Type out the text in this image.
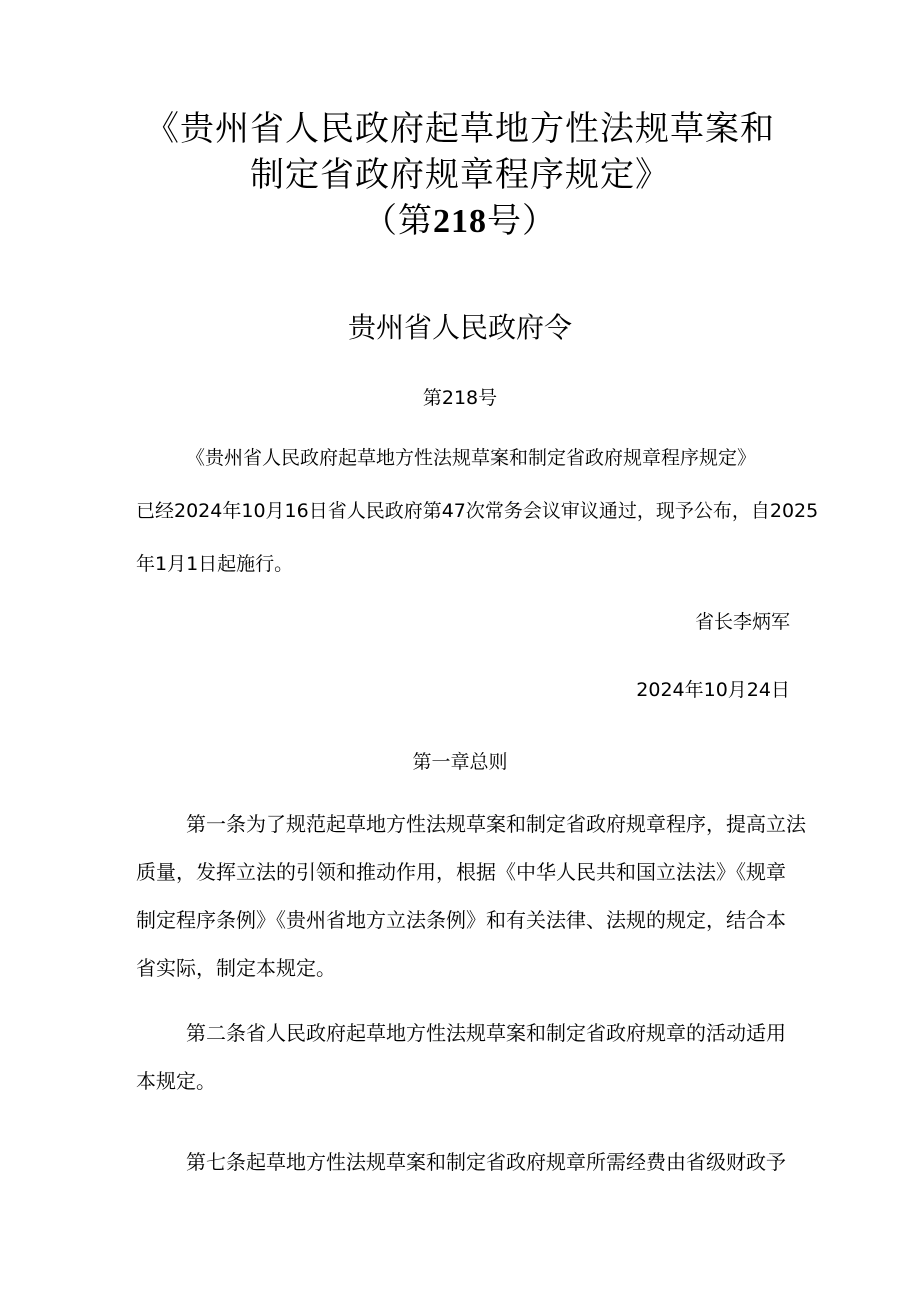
《贵州省人民政府起草地方性法规草案和
制定省政府规章程序规定》
（第218号）
贵州省人民政府令
第218号
《贵州省人民政府起草地方性法规草案和制定省政府规章程序规定》
已经2024年10月16日省人民政府第47次常务会议审议通过，现予公布，自2025
年1月1日起施行。
省长李炳军
2024年10月24日
第一章总则
第一条为了规范起草地方性法规草案和制定省政府规章程序，提高立法
质量，发挥立法的引领和推动作用，根据《中华人民共和国立法法》《规章
制定程序条例》《贵州省地方立法条例》和有关法律、法规的规定，结合本
省实际，制定本规定。
第二条省人民政府起草地方性法规草案和制定省政府规章的活动适用
本规定。
第七条起草地方性法规草案和制定省政府规章所需经费由省级财政予
